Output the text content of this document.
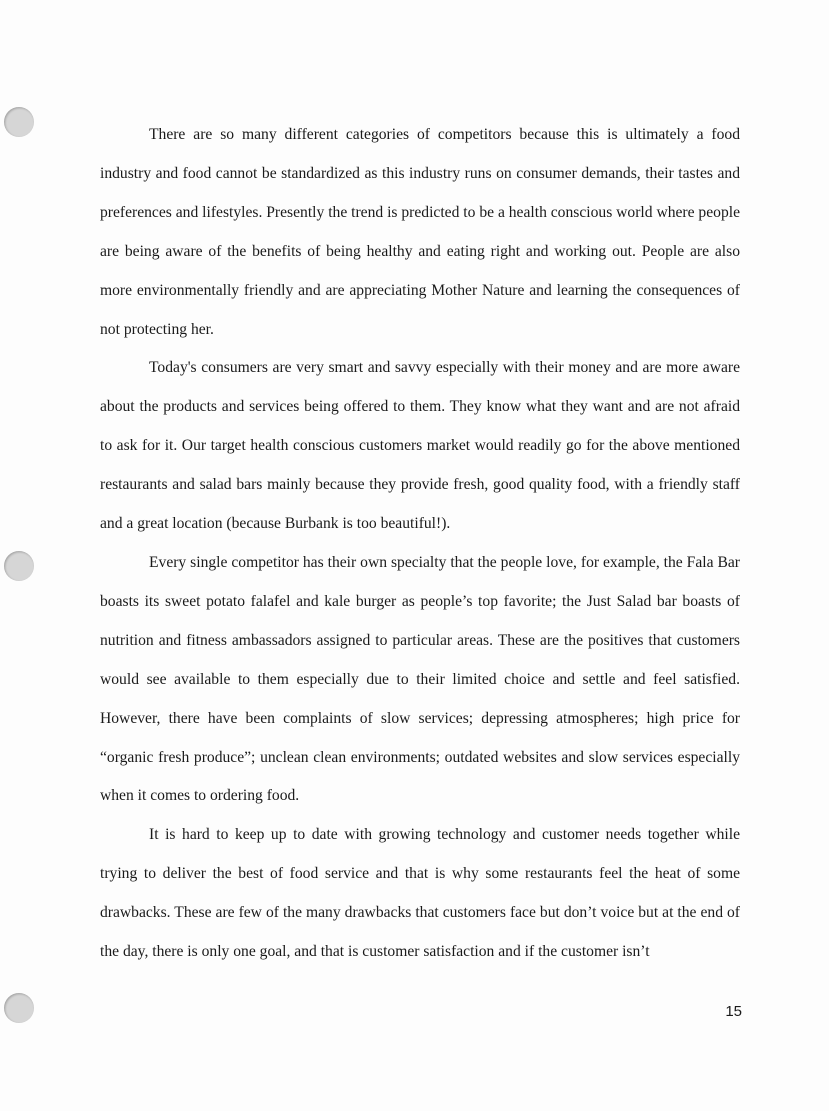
There are so many different categories of competitors because this is ultimately a food industry and food cannot be standardized as this industry runs on consumer demands, their tastes and preferences and lifestyles. Presently the trend is predicted to be a health conscious world where people are being aware of the benefits of being healthy and eating right and working out. People are also more environmentally friendly and are appreciating Mother Nature and learning the consequences of not protecting her.

Today's consumers are very smart and savvy especially with their money and are more aware about the products and services being offered to them. They know what they want and are not afraid to ask for it. Our target health conscious customers market would readily go for the above mentioned restaurants and salad bars mainly because they provide fresh, good quality food, with a friendly staff and a great location (because Burbank is too beautiful!).

Every single competitor has their own specialty that the people love, for example, the Fala Bar boasts its sweet potato falafel and kale burger as people’s top favorite; the Just Salad bar boasts of nutrition and fitness ambassadors assigned to particular areas. These are the positives that customers would see available to them especially due to their limited choice and settle and feel satisfied. However, there have been complaints of slow services; depressing atmospheres; high price for “organic fresh produce”; unclean clean environments; outdated websites and slow services especially when it comes to ordering food.

It is hard to keep up to date with growing technology and customer needs together while trying to deliver the best of food service and that is why some restaurants feel the heat of some drawbacks. These are few of the many drawbacks that customers face but don’t voice but at the end of the day, there is only one goal, and that is customer satisfaction and if the customer isn’t

15
